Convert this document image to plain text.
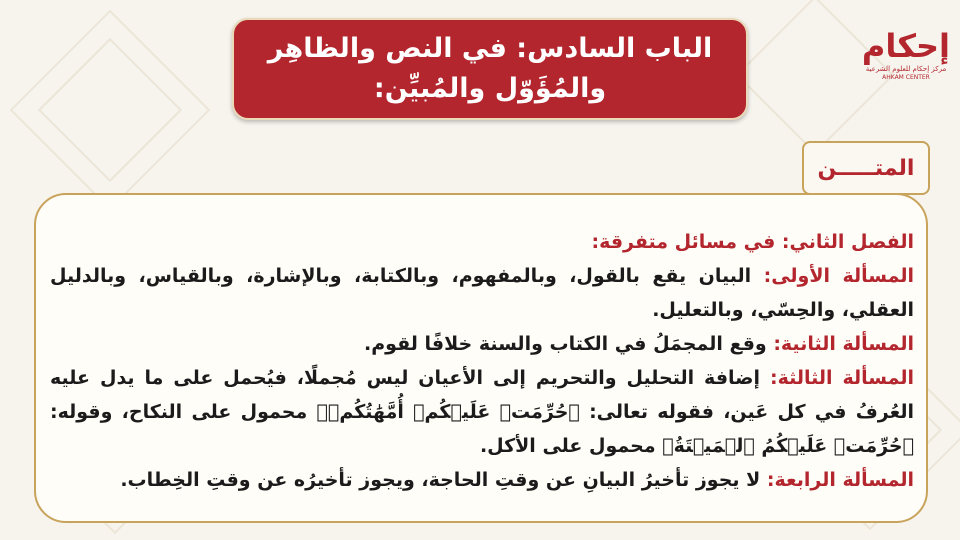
الباب السادس: في النص والظاهِر
والمُؤَوّل والمُبيِّن:
إحكام
مركز إحكام للعلوم الشرعية
AHKAM CENTER
المتـــــن

الفصل الثاني: في مسائل متفرقة:

المسألة الأولى: البيان يقع بالقول، وبالمفهوم، وبالكتابة، وبالإشارة، وبالقياس، وبالدليل العقلي، والحِسّي، وبالتعليل.

المسألة الثانية: وقع المجمَلُ في الكتاب والسنة خلافًا لقوم.

المسألة الثالثة: إضافة التحليل والتحريم إلى الأعيان ليس مُجملًا، فيُحمل على ما يدل عليه العُرفُ في كل عَين، فقوله تعالى: ﴿حُرِّمَتۡ عَلَيۡكُمۡ أُمَّهَٰتُكُمۡ﴾ محمول على النكاح، وقوله: ﴿حُرِّمَتۡ عَلَيۡكُمُ ٱلۡمَيۡتَةُ﴾ محمول على الأكل.

المسألة الرابعة: لا يجوز تأخيرُ البيانِ عن وقتِ الحاجة، ويجوز تأخيرُه عن وقتِ الخِطاب.
